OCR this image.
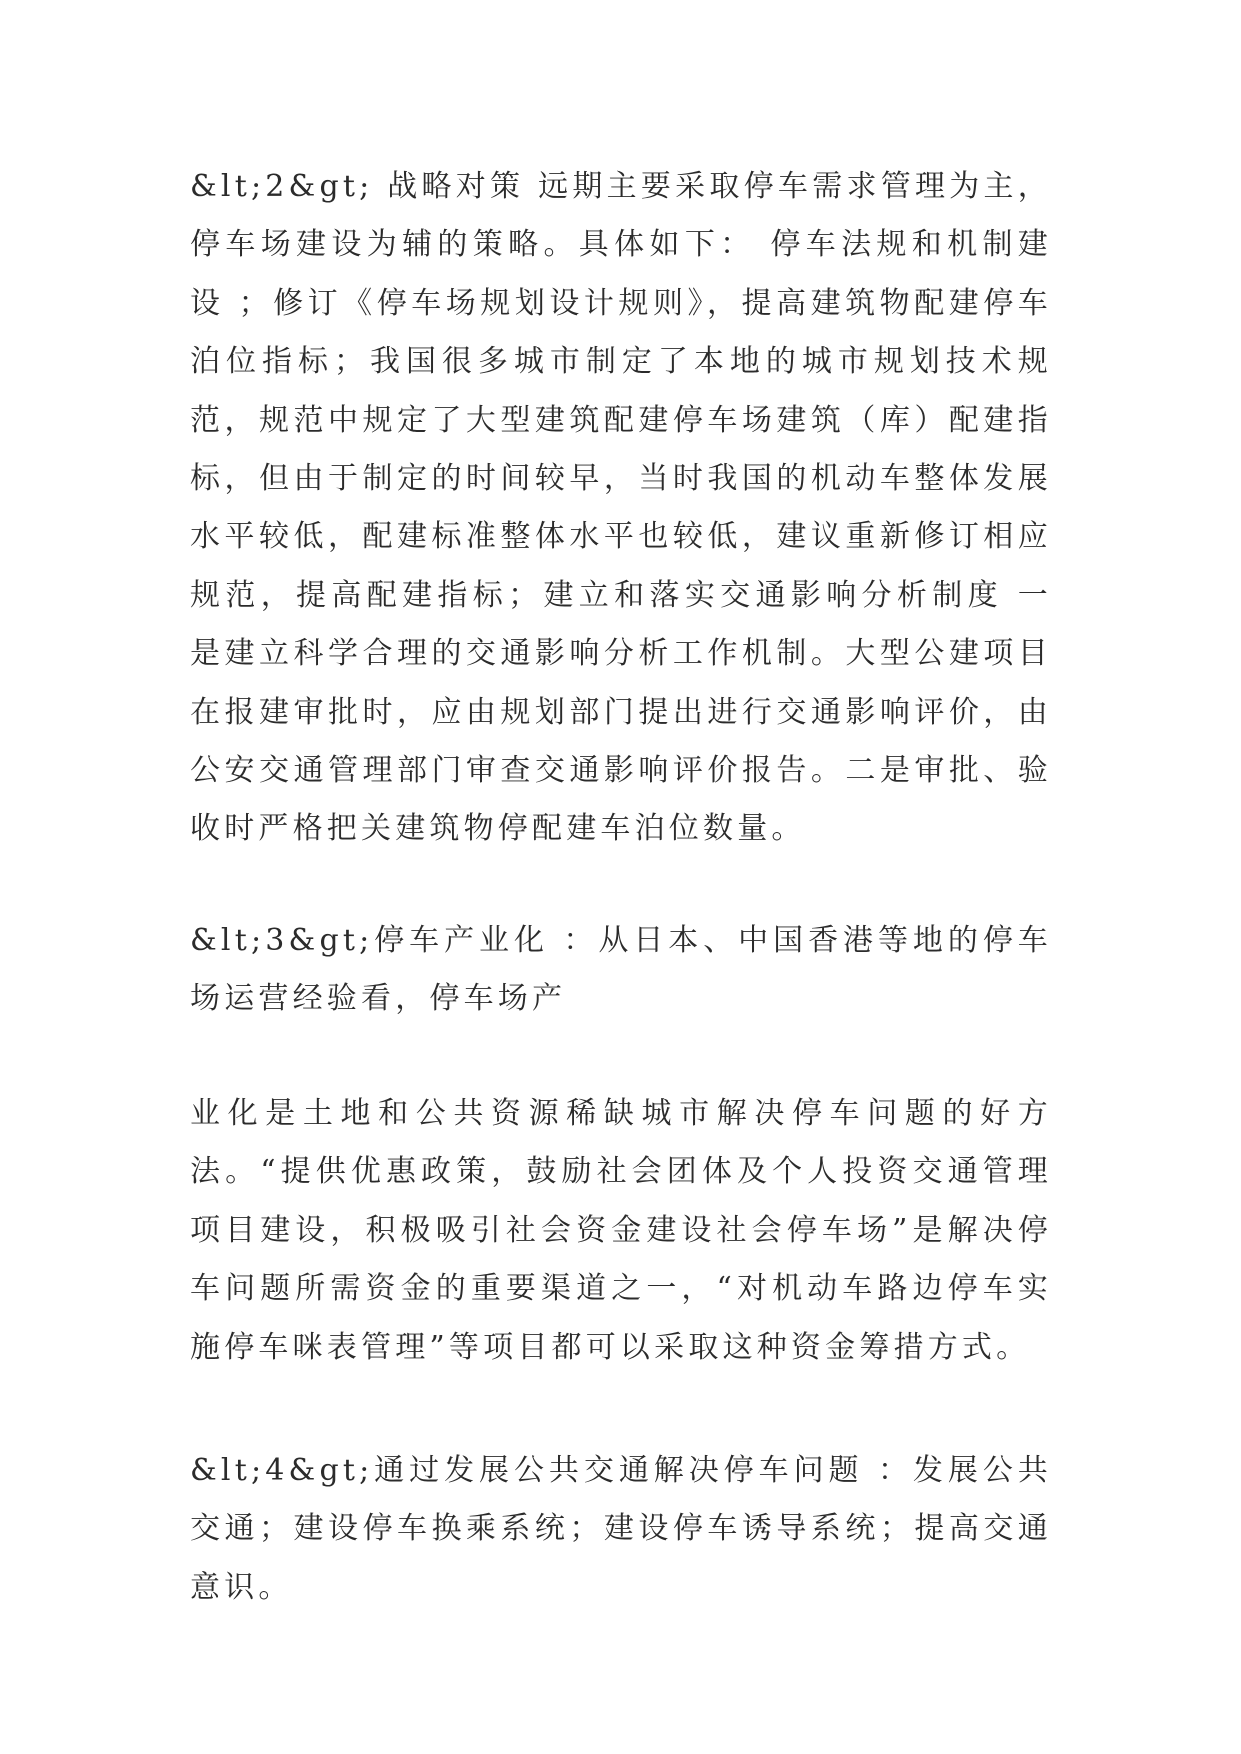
&lt;2&gt; 战略对策 远期主要采取停车需求管理为主，停车场建设为辅的策略。具体如下： 停车法规和机制建设 ；修订《停车场规划设计规则》，提高建筑物配建停车泊位指标；我国很多城市制定了本地的城市规划技术规范，规范中规定了大型建筑配建停车场建筑（库）配建指标，但由于制定的时间较早，当时我国的机动车整体发展水平较低，配建标准整体水平也较低，建议重新修订相应规范，提高配建指标；建立和落实交通影响分析制度 一是建立科学合理的交通影响分析工作机制。大型公建项目在报建审批时，应由规划部门提出进行交通影响评价，由公安交通管理部门审查交通影响评价报告。二是审批、验收时严格把关建筑物停配建车泊位数量。

&lt;3&gt;停车产业化 ：从日本、中国香港等地的停车场运营经验看，停车场产

业化是土地和公共资源稀缺城市解决停车问题的好方法。“提供优惠政策，鼓励社会团体及个人投资交通管理项目建设，积极吸引社会资金建设社会停车场”是解决停车问题所需资金的重要渠道之一，“对机动车路边停车实施停车咪表管理”等项目都可以采取这种资金筹措方式。

&lt;4&gt;通过发展公共交通解决停车问题 ：发展公共交通；建设停车换乘系统；建设停车诱导系统；提高交通意识。
